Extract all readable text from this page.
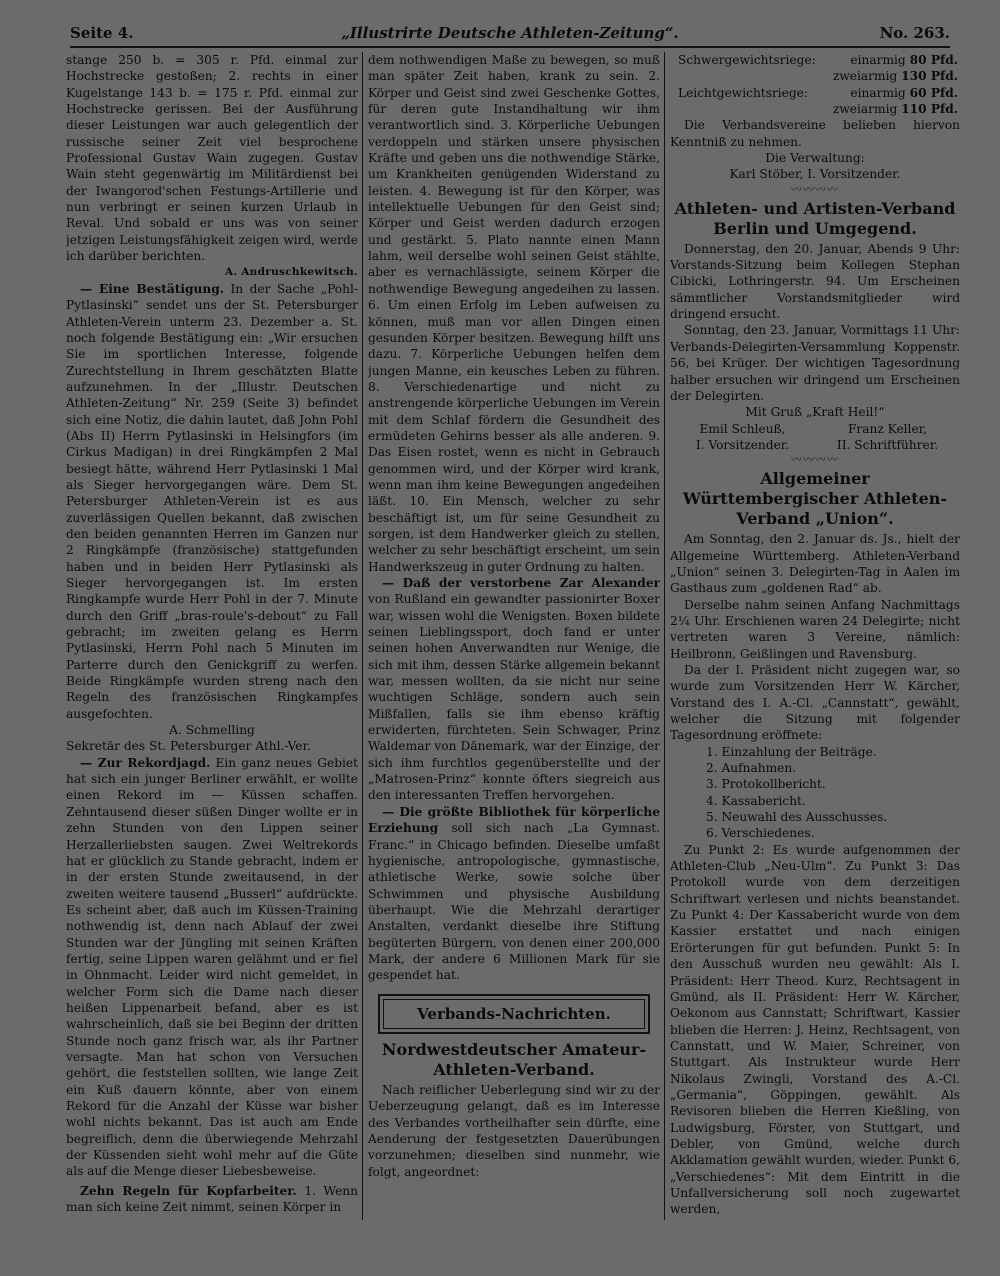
Seite 4.	„Illustrirte Deutsche Athleten-Zeitung“.	No. 263.

stange 250 b. = 305 r. Pfd. einmal zur Hochstrecke gestoßen; 2. rechts in einer Kugelstange 143 b. = 175 r. Pfd. einmal zur Hochstrecke gerissen. Bei der Ausführung dieser Leistungen war auch gelegentlich der russische seiner Zeit viel besprochene Professional Gustav Wain zugegen. Gustav Wain steht gegenwärtig im Militärdienst bei der Iwangorod'schen Festungs-Artillerie und nun verbringt er seinen kurzen Urlaub in Reval. Und sobald er uns was von seiner jetzigen Leistungsfähigkeit zeigen wird, werde ich darüber berichten.

A. Andruschkewitsch.

— Eine Bestätigung. In der Sache „Pohl-Pytlasinski“ sendet uns der St. Petersburger Athleten-Verein unterm 23. Dezember a. St. noch folgende Bestätigung ein: „Wir ersuchen Sie im sportlichen Interesse, folgende Zurechtstellung in Ihrem geschätzten Blatte aufzunehmen. In der „Illustr. Deutschen Athleten-Zeitung“ Nr. 259 (Seite 3) befindet sich eine Notiz, die dahin lautet, daß John Pohl (Abs II) Herrn Pytlasinski in Helsingfors (im Cirkus Madigan) in drei Ringkämpfen 2 Mal besiegt hätte, während Herr Pytlasinski 1 Mal als Sieger hervorgegangen wäre. Dem St. Petersburger Athleten-Verein ist es aus zuverlässigen Quellen bekannt, daß zwischen den beiden genannten Herren im Ganzen nur 2 Ringkämpfe (französische) stattgefunden haben und in beiden Herr Pytlasinski als Sieger hervorgegangen ist. Im ersten Ringkampfe wurde Herr Pohl in der 7. Minute durch den Griff „bras-roule's-debout“ zu Fall gebracht; im zweiten gelang es Herrn Pytlasinski, Herrn Pohl nach 5 Minuten im Parterre durch den Genickgriff zu werfen. Beide Ringkämpfe wurden streng nach den Regeln des französischen Ringkampfes ausgefochten.

A. Schmelling

Sekretär des St. Petersburger Athl.-Ver.

— Zur Rekordjagd. Ein ganz neues Gebiet hat sich ein junger Berliner erwählt, er wollte einen Rekord im — Küssen schaffen. Zehntausend dieser süßen Dinger wollte er in zehn Stunden von den Lippen seiner Herzallerliebsten saugen. Zwei Weltrekords hat er glücklich zu Stande gebracht, indem er in der ersten Stunde zweitausend, in der zweiten weitere tausend „Busserl“ aufdrückte. Es scheint aber, daß auch im Küssen-Training nothwendig ist, denn nach Ablauf der zwei Stunden war der Jüngling mit seinen Kräften fertig, seine Lippen waren gelähmt und er fiel in Ohnmacht. Leider wird nicht gemeldet, in welcher Form sich die Dame nach dieser heißen Lippenarbeit befand, aber es ist wahrscheinlich, daß sie bei Beginn der dritten Stunde noch ganz frisch war, als ihr Partner versagte. Man hat schon von Versuchen gehört, die feststellen sollten, wie lange Zeit ein Kuß dauern könnte, aber von einem Rekord für die Anzahl der Küsse war bisher wohl nichts bekannt. Das ist auch am Ende begreiflich, denn die überwiegende Mehrzahl der Küssenden sieht wohl mehr auf die Güte als auf die Menge dieser Liebesbeweise.

Zehn Regeln für Kopfarbeiter. 1. Wenn man sich keine Zeit nimmt, seinen Körper in

dem nothwendigen Maße zu bewegen, so muß man später Zeit haben, krank zu sein. 2. Körper und Geist sind zwei Geschenke Gottes, für deren gute Instandhaltung wir ihm verantwortlich sind. 3. Körperliche Uebungen verdoppeln und stärken unsere physischen Kräfte und geben uns die nothwendige Stärke, um Krankheiten genügenden Widerstand zu leisten. 4. Bewegung ist für den Körper, was intellektuelle Uebungen für den Geist sind; Körper und Geist werden dadurch erzogen und gestärkt. 5. Plato nannte einen Mann lahm, weil derselbe wohl seinen Geist stählte, aber es vernachlässigte, seinem Körper die nothwendige Bewegung angedeihen zu lassen. 6. Um einen Erfolg im Leben aufweisen zu können, muß man vor allen Dingen einen gesunden Körper besitzen. Bewegung hilft uns dazu. 7. Körperliche Uebungen helfen dem jungen Manne, ein keusches Leben zu führen. 8. Verschiedenartige und nicht zu anstrengende körperliche Uebungen im Verein mit dem Schlaf fördern die Gesundheit des ermüdeten Gehirns besser als alle anderen. 9. Das Eisen rostet, wenn es nicht in Gebrauch genommen wird, und der Körper wird krank, wenn man ihm keine Bewegungen angedeihen läßt. 10. Ein Mensch, welcher zu sehr beschäftigt ist, um für seine Gesundheit zu sorgen, ist dem Handwerker gleich zu stellen, welcher zu sehr beschäftigt erscheint, um sein Handwerkszeug in guter Ordnung zu halten.

— Daß der verstorbene Zar Alexander von Rußland ein gewandter passionirter Boxer war, wissen wohl die Wenigsten. Boxen bildete seinen Lieblingssport, doch fand er unter seinen hohen Anverwandten nur Wenige, die sich mit ihm, dessen Stärke allgemein bekannt war, messen wollten, da sie nicht nur seine wuchtigen Schläge, sondern auch sein Mißfallen, falls sie ihm ebenso kräftig erwiderten, fürchteten. Sein Schwager, Prinz Waldemar von Dänemark, war der Einzige, der sich ihm furchtlos gegenüberstellte und der „Matrosen-Prinz“ konnte öfters siegreich aus den interessanten Treffen hervorgehen.

— Die größte Bibliothek für körperliche Erziehung soll sich nach „La Gymnast. Franc.“ in Chicago befinden. Dieselbe umfaßt hygienische, antropologische, gymnastische, athletische Werke, sowie solche über Schwimmen und physische Ausbildung überhaupt. Wie die Mehrzahl derartiger Anstalten, verdankt dieselbe ihre Stiftung begüterten Bürgern, von denen einer 200,000 Mark, der andere 6 Millionen Mark für sie gespendet hat.

Verbands-Nachrichten.
Nordwestdeutscher Amateur-Athleten-Verband.

Nach reiflicher Ueberlegung sind wir zu der Ueberzeugung gelangt, daß es im Interesse des Verbandes vortheilhafter sein dürfte, eine Aenderung der festgesetzten Dauerübungen vorzunehmen; dieselben sind nunmehr, wie folgt, angeordnet:

Schwergewichtsriege:	einarmig 80 Pfd.
zweiarmig 130 Pfd.
Leichtgewichtsriege:	einarmig 60 Pfd.
zweiarmig 110 Pfd.

Die Verbandsvereine belieben hiervon Kenntniß zu nehmen.

Die Verwaltung:

Karl Stöber, I. Vorsitzender.

〰〰〰〰
Athleten- und Artisten-Verband Berlin und Umgegend.

Donnerstag, den 20. Januar, Abends 9 Uhr: Vorstands-Sitzung beim Kollegen Stephan Cibicki, Lothringerstr. 94. Um Erscheinen sämmtlicher Vorstandsmitglieder wird dringend ersucht.

Sonntag, den 23. Januar, Vormittags 11 Uhr: Verbands-Delegirten-Versammlung Koppenstr. 56, bei Krüger. Der wichtigen Tagesordnung halber ersuchen wir dringend um Erscheinen der Delegirten.

Mit Gruß „Kraft Heil!“

Emil Schleuß,	Franz Keller,
I. Vorsitzender.	II. Schriftführer.
〰〰〰〰
Allgemeiner Württembergischer Athleten-Verband „Union“.

Am Sonntag, den 2. Januar ds. Js., hielt der Allgemeine Württemberg. Athleten-Verband „Union“ seinen 3. Delegirten-Tag in Aalen im Gasthaus zum „goldenen Rad“ ab.

Derselbe nahm seinen Anfang Nachmittags 2¼ Uhr. Erschienen waren 24 Delegirte; nicht vertreten waren 3 Vereine, nämlich: Heilbronn, Geißlingen und Ravensburg.

Da der I. Präsident nicht zugegen war, so wurde zum Vorsitzenden Herr W. Kärcher, Vorstand des I. A.-Cl. „Cannstatt“, gewählt, welcher die Sitzung mit folgender Tagesordnung eröffnete:

1. Einzahlung der Beiträge.
2. Aufnahmen.
3. Protokollbericht.
4. Kassabericht.
5. Neuwahl des Ausschusses.
6. Verschiedenes.

Zu Punkt 2: Es wurde aufgenommen der Athleten-Club „Neu-Ulm“. Zu Punkt 3: Das Protokoll wurde von dem derzeitigen Schriftwart verlesen und nichts beanstandet. Zu Punkt 4: Der Kassabericht wurde von dem Kassier erstattet und nach einigen Erörterungen für gut befunden. Punkt 5: In den Ausschuß wurden neu gewählt: Als I. Präsident: Herr Theod. Kurz, Rechtsagent in Gmünd, als II. Präsident: Herr W. Kärcher, Oekonom aus Cannstatt; Schriftwart, Kassier blieben die Herren: J. Heinz, Rechtsagent, von Cannstatt, und W. Maier, Schreiner, von Stuttgart. Als Instrukteur wurde Herr Nikolaus Zwingli, Vorstand des A.-Cl. „Germania“, Göppingen, gewählt. Als Revisoren blieben die Herren Kießling, von Ludwigsburg, Förster, von Stuttgart, und Debler, von Gmünd, welche durch Akklamation gewählt wurden, wieder. Punkt 6, „Verschiedenes“: Mit dem Eintritt in die Unfallversicherung soll noch zugewartet werden,
